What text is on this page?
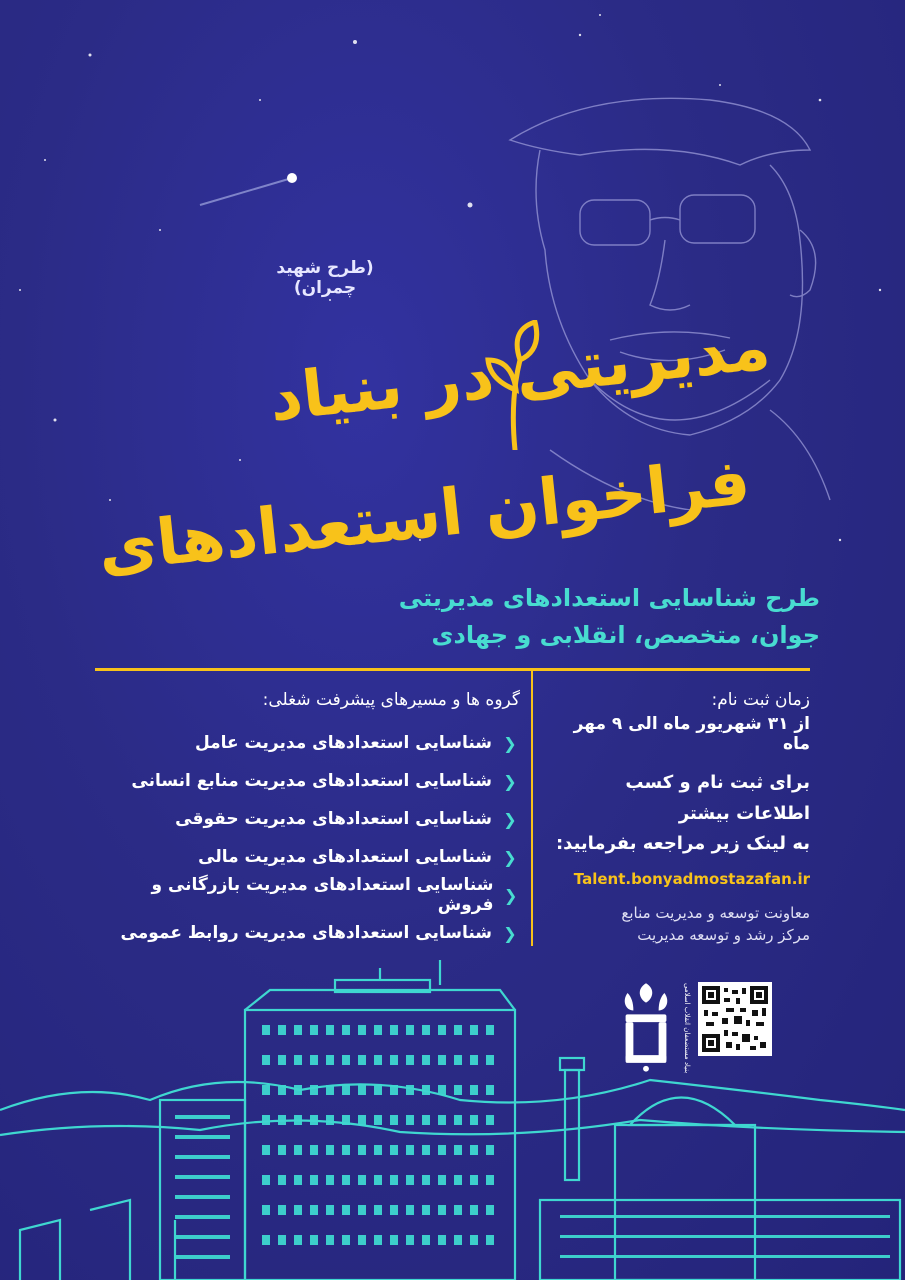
(طرح شهید چمران)
مدیریتی در بنیاد
فراخوان استعدادهای
طرح شناسایی استعدادهای مدیریتی
جوان، متخصص، انقلابی و جهادی
گروه ها و مسیرهای پیشرفت شغلی:
❮
شناسایی استعدادهای مدیریت عامل
❮
شناسایی استعدادهای مدیریت منابع انسانی
❮
شناسایی استعدادهای مدیریت حقوقی
❮
شناسایی استعدادهای مدیریت مالی
❮
شناسایی استعدادهای مدیریت بازرگانی و فروش
❮
شناسایی استعدادهای مدیریت روابط عمومی
زمان ثبت نام:
از ۳۱ شهریور ماه الی ۹ مهر ماه
برای ثبت نام و کسب
اطلاعات بیشتر
به لینک زیر مراجعه بفرمایید:
Talent.bonyadmostazafan.ir
معاونت توسعه و مدیریت منابع
مرکز رشد و توسعه مدیریت
بنیاد مستضعفان انقلاب اسلامی
